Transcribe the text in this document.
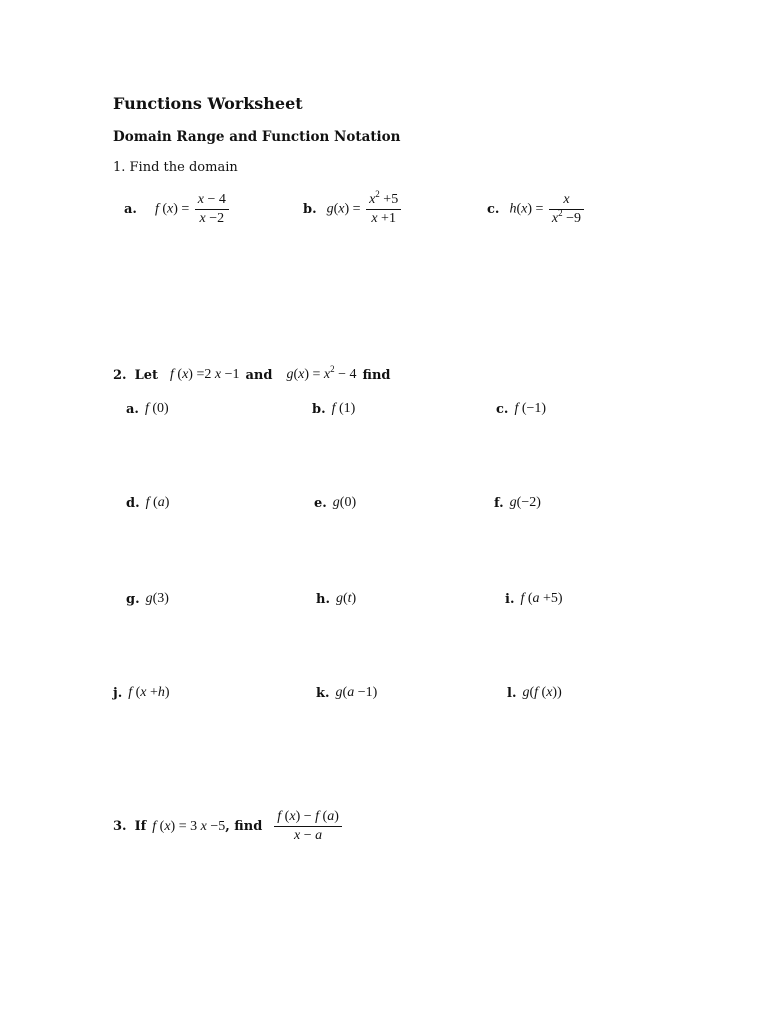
Functions Worksheet
Domain Range and Function Notation
1. Find the domain
a. f $(x) = \frac{x - 4}{x -2}$	b. $g(x) = \frac{x^2 +5}{x +1}$	c. $h(x) = \frac{x}{x^2 -9}$
2. Let f (x) =2 x −1 and $g(x) = x^2 - 4$ find
a. f (0)	b. f (1)	c. f (−1)
d. f (a)	e. g(0)	f. g(−2)
g. g(3)	h. g(t)	i. f (a +5)
j. f (x +h)	k. g(a −1)	l. g(f (x))
3. If f (x) = 3 x −5 , find $\frac{f (x) - f (a)}{x - a}$
